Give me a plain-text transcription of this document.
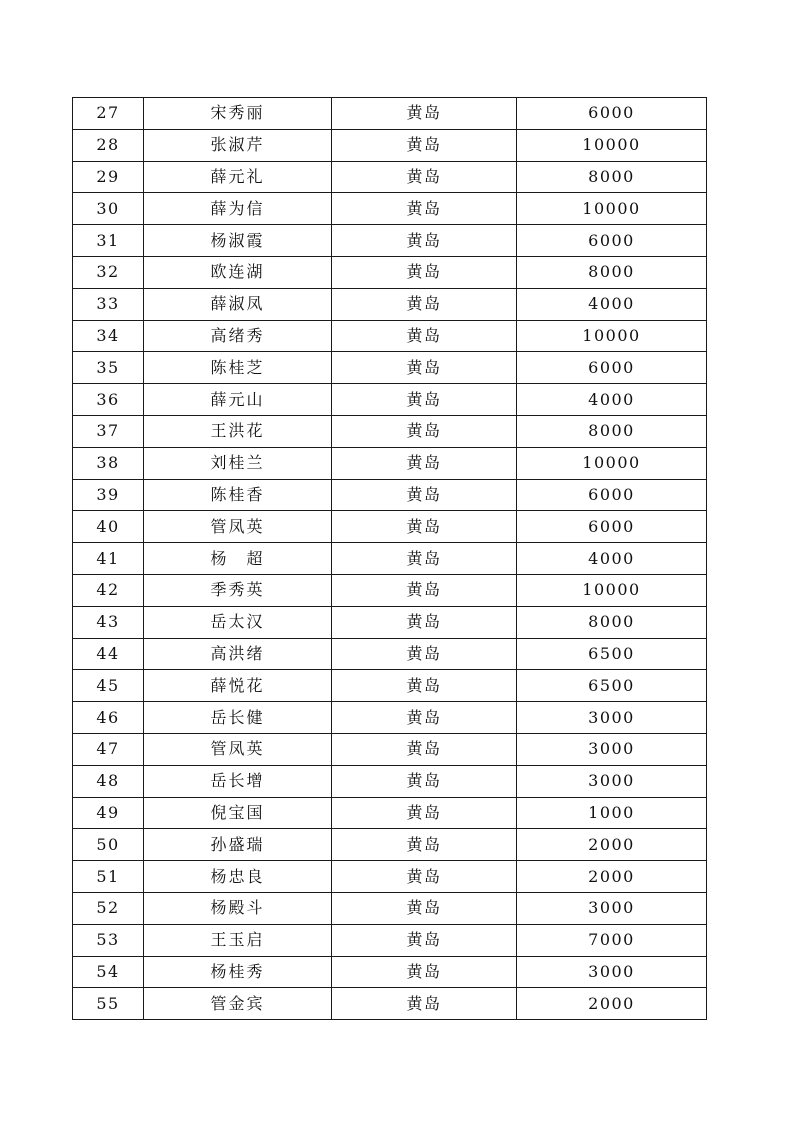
27	宋秀丽	黄岛	6000
28	张淑芹	黄岛	10000
29	薛元礼	黄岛	8000
30	薛为信	黄岛	10000
31	杨淑霞	黄岛	6000
32	欧连湖	黄岛	8000
33	薛淑凤	黄岛	4000
34	高绪秀	黄岛	10000
35	陈桂芝	黄岛	6000
36	薛元山	黄岛	4000
37	王洪花	黄岛	8000
38	刘桂兰	黄岛	10000
39	陈桂香	黄岛	6000
40	管凤英	黄岛	6000
41	杨　超	黄岛	4000
42	季秀英	黄岛	10000
43	岳太汉	黄岛	8000
44	高洪绪	黄岛	6500
45	薛悦花	黄岛	6500
46	岳长健	黄岛	3000
47	管凤英	黄岛	3000
48	岳长增	黄岛	3000
49	倪宝国	黄岛	1000
50	孙盛瑞	黄岛	2000
51	杨忠良	黄岛	2000
52	杨殿斗	黄岛	3000
53	王玉启	黄岛	7000
54	杨桂秀	黄岛	3000
55	管金宾	黄岛	2000
